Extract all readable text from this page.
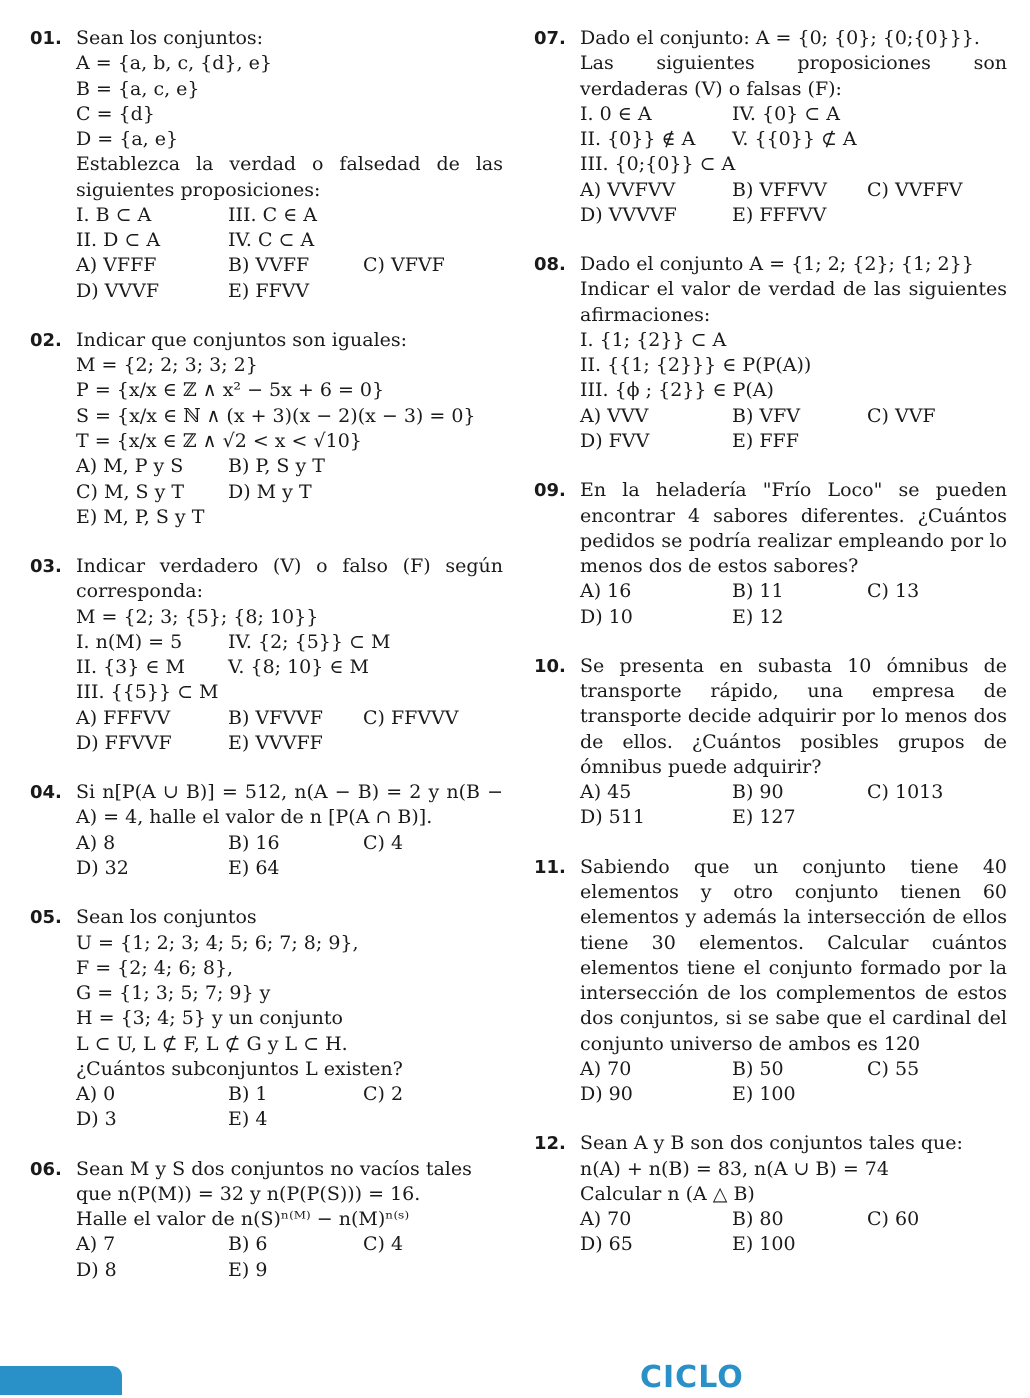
01. Sean los conjuntos:
A = {a, b, c, {d}, e}
B = {a, c, e}
C = {d}
D = {a, e}
Establezca la verdad o falsedad de las siguientes proposiciones:
I. B ⊂ A	III. C ∈ A
II. D ⊂ A	IV. C ⊂ A
A) VFFF	B) VVFF	C) VFVF
D) VVVF	E) FFVV
02. Indicar que conjuntos son iguales:
M = {2; 2; 3; 3; 2}
P = {x/x ∈ ℤ ∧ x² − 5x + 6 = 0}
S = {x/x ∈ ℕ ∧ (x + 3)(x − 2)(x − 3) = 0}
T = {x/x ∈ ℤ ∧ √2 < x < √10}
A) M, P y S	B) P, S y T
C) M, S y T	D) M y T
E) M, P, S y T
03. Indicar verdadero (V) o falso (F) según corresponda:
M = {2; 3; {5}; {8; 10}}
I. n(M) = 5	IV. {2; {5}} ⊂ M
II. {3} ∈ M	V. {8; 10} ∈ M
III. {{5}} ⊂ M
A) FFFVV	B) VFVVF	C) FFVVV
D) FFVVF	E) VVVFF
04. Si n[P(A ∪ B)] = 512, n(A − B) = 2 y n(B − A) = 4, halle el valor de n [P(A ∩ B)].
A) 8	B) 16	C) 4
D) 32	E) 64
05. Sean los conjuntos
U = {1; 2; 3; 4; 5; 6; 7; 8; 9},
F = {2; 4; 6; 8},
G = {1; 3; 5; 7; 9} y
H = {3; 4; 5} y un conjunto
L ⊂ U, L ⊄ F, L ⊄ G y L ⊂ H.
¿Cuántos subconjuntos L existen?
A) 0	B) 1	C) 2
D) 3	E) 4
06. Sean M y S dos conjuntos no vacíos tales
que n(P(M)) = 32 y n(P(P(S))) = 16.
Halle el valor de n(S)ⁿ⁽ᴹ⁾ − n(M)ⁿ⁽ˢ⁾
A) 7	B) 6	C) 4
D) 8	E) 9
07. Dado el conjunto: A = {0; {0}; {0;{0}}}.
Las siguientes proposiciones son verdaderas (V) o falsas (F):
I. 0 ∈ A	IV. {0} ⊂ A
II. {0}} ∉ A	V. {{0}} ⊄ A
III. {0;{0}} ⊂ A
A) VVFVV	B) VFFVV	C) VVFFV
D) VVVVF	E) FFFVV
08. Dado el conjunto A = {1; 2; {2}; {1; 2}}
Indicar el valor de verdad de las siguientes afirmaciones:
I. {1; {2}} ⊂ A
II. {{1; {2}}} ∈ P(P(A))
III. {ϕ ; {2}} ∈ P(A)
A) VVV	B) VFV	C) VVF
D) FVV	E) FFF
09. En la heladería "Frío Loco" se pueden encontrar 4 sabores diferentes. ¿Cuántos pedidos se podría realizar empleando por lo menos dos de estos sabores?
A) 16	B) 11	C) 13
D) 10	E) 12
10. Se presenta en subasta 10 ómnibus de transporte rápido, una empresa de transporte decide adquirir por lo menos dos de ellos. ¿Cuántos posibles grupos de ómnibus puede adquirir?
A) 45	B) 90	C) 1013
D) 511	E) 127
11. Sabiendo que un conjunto tiene 40 elementos y otro conjunto tienen 60 elementos y además la intersección de ellos tiene 30 elementos. Calcular cuántos elementos tiene el conjunto formado por la intersección de los complementos de estos dos conjuntos, si se sabe que el cardinal del conjunto universo de ambos es 120
A) 70	B) 50	C) 55
D) 90	E) 100
12. Sean A y B son dos conjuntos tales que:
n(A) + n(B) = 83, n(A ∪ B) = 74
Calcular n (A △ B)
A) 70	B) 80	C) 60
D) 65	E) 100
CICLO
